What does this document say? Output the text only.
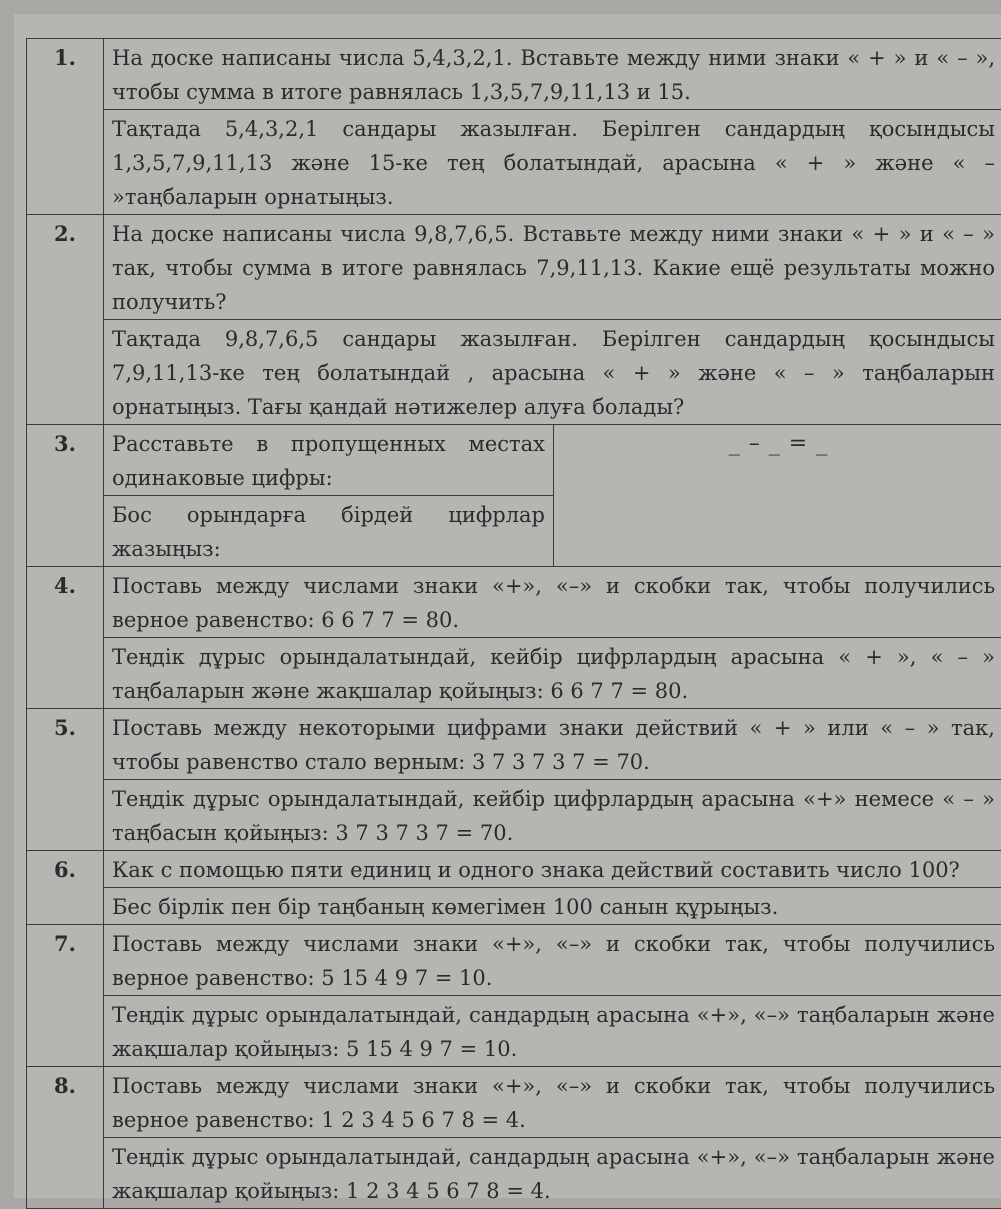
1.	На доске написаны числа 5,4,3,2,1. Вставьте между ними знаки « + » и « – », чтобы сумма в итоге равнялась 1,3,5,7,9,11,13 и 15.	
	Тақтада 5,4,3,2,1 сандары жазылған. Берілген сандардың қосындысы 1,3,5,7,9,11,13 және 15-ке тең болатындай, арасына « + » және « – »таңбаларын орнатыңыз.	
2.	На доске написаны числа 9,8,7,6,5. Вставьте между ними знаки « + » и « – » так, чтобы сумма в итоге равнялась 7,9,11,13. Какие ещё результаты можно получить?	
	Тақтада 9,8,7,6,5 сандары жазылған. Берілген сандардың қосындысы 7,9,11,13-ке тең болатындай , арасына « + » және « – » таңбаларын орнатыңыз. Тағы қандай нәтижелер алуға болады?	
3.	Расставьте в пропущенных местах одинаковые цифры:	_ – _ = _
	Бос орындарға бірдей цифрлар жазыңыз:	
4.	Поставь между числами знаки «+», «–» и скобки так, чтобы получились верное равенство: 6 6 7 7 = 80.	
	Теңдік дұрыс орындалатындай, кейбір цифрлардың арасына « + », « – » таңбаларын және жақшалар қойыңыз: 6 6 7 7 = 80.	
5.	Поставь между некоторыми цифрами знаки действий « + » или « – » так, чтобы равенство стало верным: 3 7 3 7 3 7 = 70.	
	Теңдік дұрыс орындалатындай, кейбір цифрлардың арасына «+» немесе « – » таңбасын қойыңыз: 3 7 3 7 3 7 = 70.	
6.	Как с помощью пяти единиц и одного знака действий составить число 100?	
	Бес бірлік пен бір таңбаның көмегімен 100 санын құрыңыз.	
7.	Поставь между числами знаки «+», «–» и скобки так, чтобы получились верное равенство: 5 15 4 9 7 = 10.	
	Теңдік дұрыс орындалатындай, сандардың арасына «+», «–» таңбаларын және жақшалар қойыңыз: 5 15 4 9 7 = 10.	
8.	Поставь между числами знаки «+», «–» и скобки так, чтобы получились верное равенство: 1 2 3 4 5 6 7 8 = 4.	
	Теңдік дұрыс орындалатындай, сандардың арасына «+», «–» таңбаларын және жақшалар қойыңыз: 1 2 3 4 5 6 7 8 = 4.	
